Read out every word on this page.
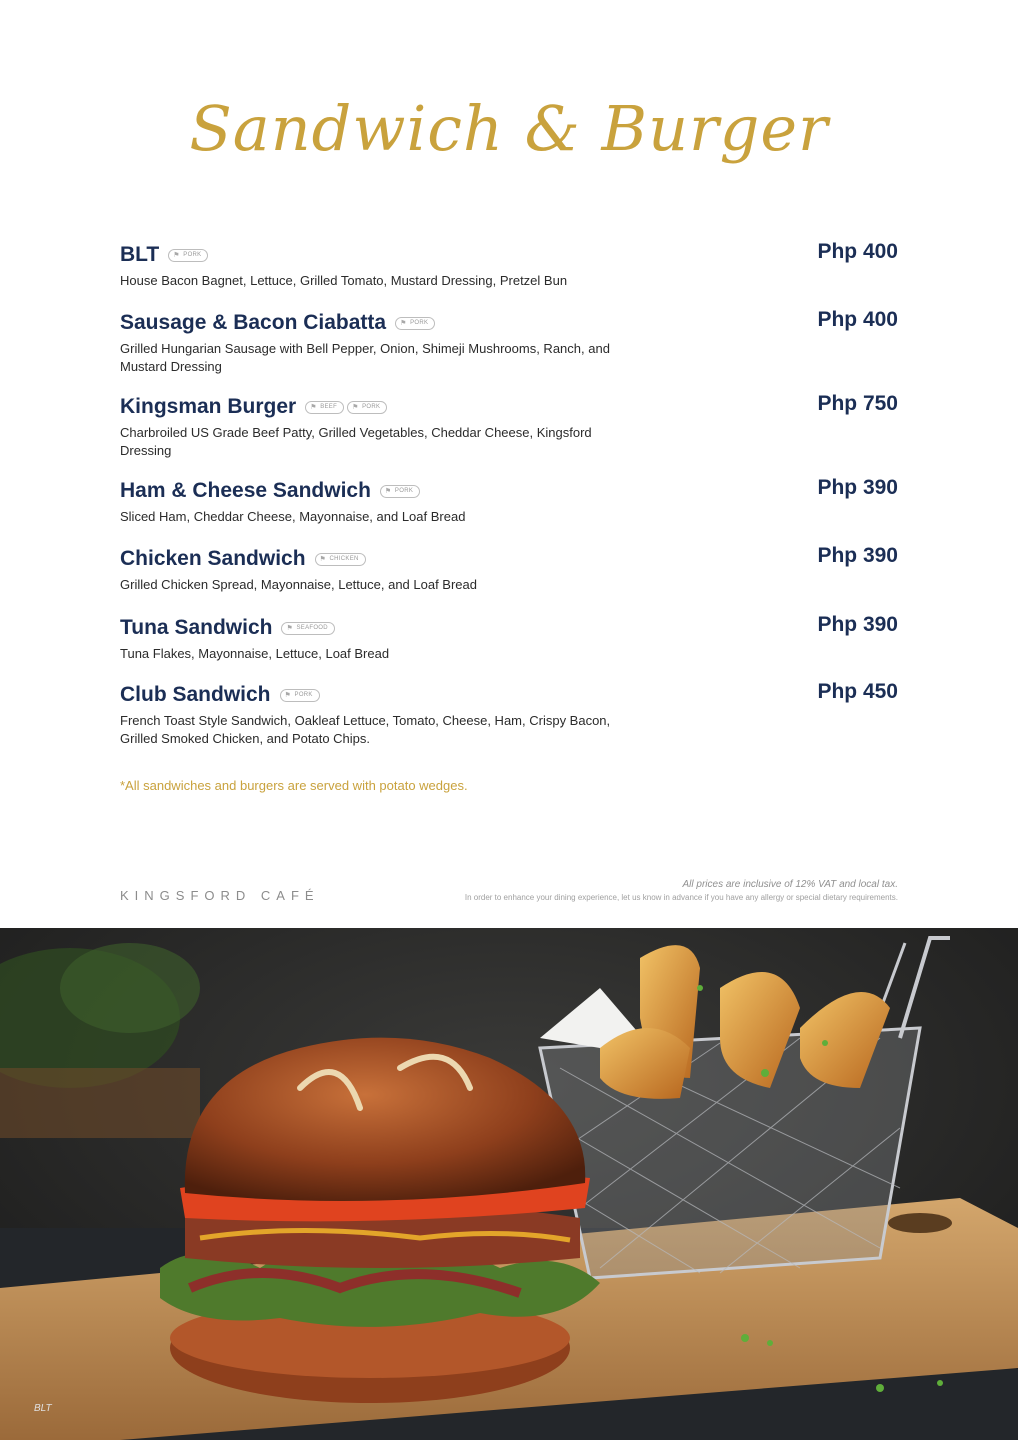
Sandwich & Burger
BLT ⚑ PORK	Php 400
House Bacon Bagnet, Lettuce, Grilled Tomato, Mustard Dressing, Pretzel Bun
Sausage & Bacon Ciabatta ⚑ PORK	Php 400
Grilled Hungarian Sausage with Bell Pepper, Onion, Shimeji Mushrooms, Ranch, and Mustard Dressing
Kingsman Burger ⚑ BEEF ⚑ PORK	Php 750
Charbroiled US Grade Beef Patty, Grilled Vegetables, Cheddar Cheese, Kingsford Dressing
Ham & Cheese Sandwich ⚑ PORK	Php 390
Sliced Ham, Cheddar Cheese, Mayonnaise, and Loaf Bread
Chicken Sandwich ⚑ CHICKEN	Php 390
Grilled Chicken Spread, Mayonnaise, Lettuce, and Loaf Bread
Tuna Sandwich ⚑ SEAFOOD	Php 390
Tuna Flakes, Mayonnaise, Lettuce, Loaf Bread
Club Sandwich ⚑ PORK	Php 450
French Toast Style Sandwich, Oakleaf Lettuce, Tomato, Cheese, Ham, Crispy Bacon, Grilled Smoked Chicken, and Potato Chips.
*All sandwiches and burgers are served with potato wedges.
KINGSFORD CAFÉ
All prices are inclusive of 12% VAT and local tax.
In order to enhance your dining experience, let us know in advance if you have any allergy or special dietary requirements.
BLT
